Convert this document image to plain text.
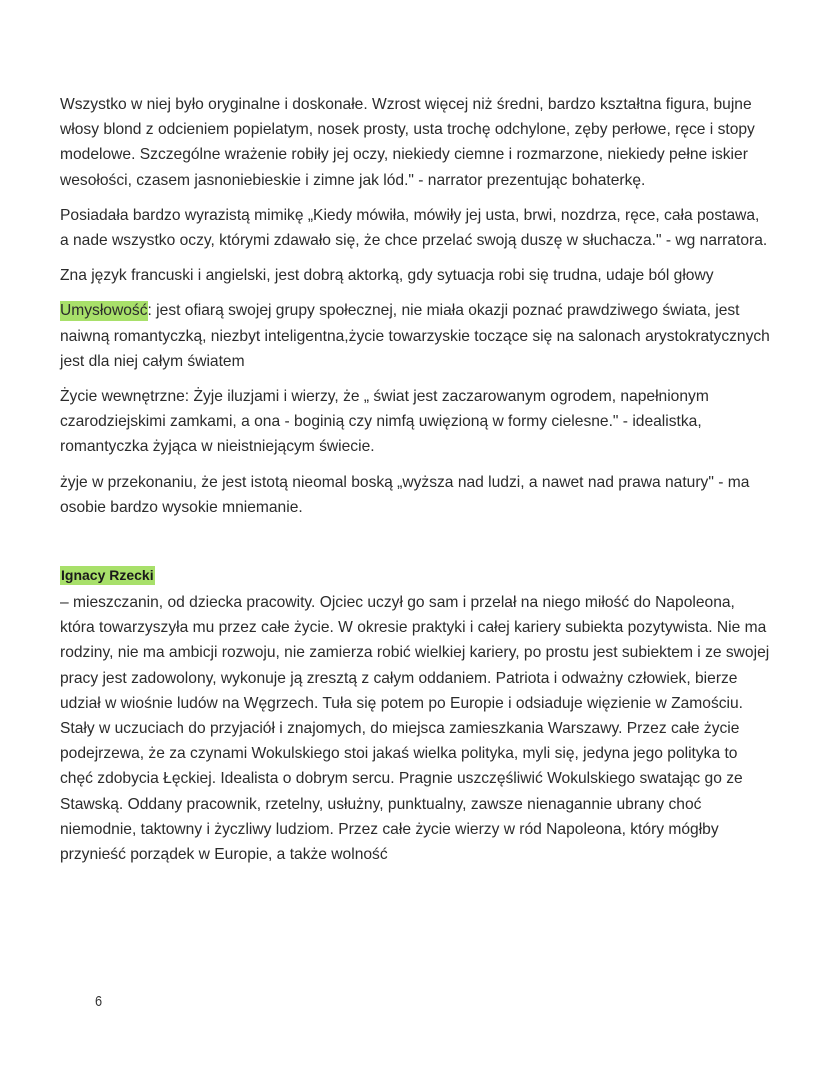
Wszystko w niej było oryginalne i doskonałe. Wzrost więcej niż średni, bardzo kształtna figura, bujne włosy blond z odcieniem popielatym, nosek prosty, usta trochę odchylone, zęby perłowe, ręce i stopy modelowe. Szczególne wrażenie robiły jej oczy, niekiedy ciemne i rozmarzone, niekiedy pełne iskier wesołości, czasem jasnoniebieskie i zimne jak lód." - narrator prezentując bohaterkę.

Posiadała bardzo wyrazistą mimikę „Kiedy mówiła, mówiły jej usta, brwi, nozdrza, ręce, cała postawa, a nade wszystko oczy, którymi zdawało się, że chce przelać swoją duszę w słuchacza." - wg narratora.

Zna język francuski i angielski, jest dobrą aktorką, gdy sytuacja robi się trudna, udaje ból głowy

Umysłowość: jest ofiarą swojej grupy społecznej, nie miała okazji poznać prawdziwego świata, jest naiwną romantyczką, niezbyt inteligentna,życie towarzyskie toczące się na salonach arystokratycznych jest dla niej całym światem

Życie wewnętrzne: Żyje iluzjami i wierzy, że „ świat jest zaczarowanym ogrodem, napełnionym czarodziejskimi zamkami, a ona - boginią czy nimfą uwięzioną w formy cielesne." - idealistka, romantyczka żyjąca w nieistniejącym świecie.

żyje w przekonaniu, że jest istotą nieomal boską „wyższa nad ludzi, a nawet nad prawa natury" - ma osobie bardzo wysokie mniemanie.

Ignacy Rzecki

– mieszczanin, od dziecka pracowity. Ojciec uczył go sam i przelał na niego miłość do Napoleona, która towarzyszyła mu przez całe życie. W okresie praktyki i całej kariery subiekta pozytywista. Nie ma rodziny, nie ma ambicji rozwoju, nie zamierza robić wielkiej kariery, po prostu jest subiektem i ze swojej pracy jest zadowolony, wykonuje ją zresztą z całym oddaniem. Patriota i odważny człowiek, bierze udział w wiośnie ludów na Węgrzech. Tuła się potem po Europie i odsiaduje więzienie w Zamościu. Stały w uczuciach do przyjaciół i znajomych, do miejsca zamieszkania Warszawy. Przez całe życie podejrzewa, że za czynami Wokulskiego stoi jakaś wielka polityka, myli się, jedyna jego polityka to chęć zdobycia Łęckiej. Idealista o dobrym sercu. Pragnie uszczęśliwić Wokulskiego swatając go ze Stawską. Oddany pracownik, rzetelny, usłużny, punktualny, zawsze nienagannie ubrany choć niemodnie, taktowny i życzliwy ludziom. Przez całe życie wierzy w ród Napoleona, który mógłby przynieść porządek w Europie, a także wolność

6
